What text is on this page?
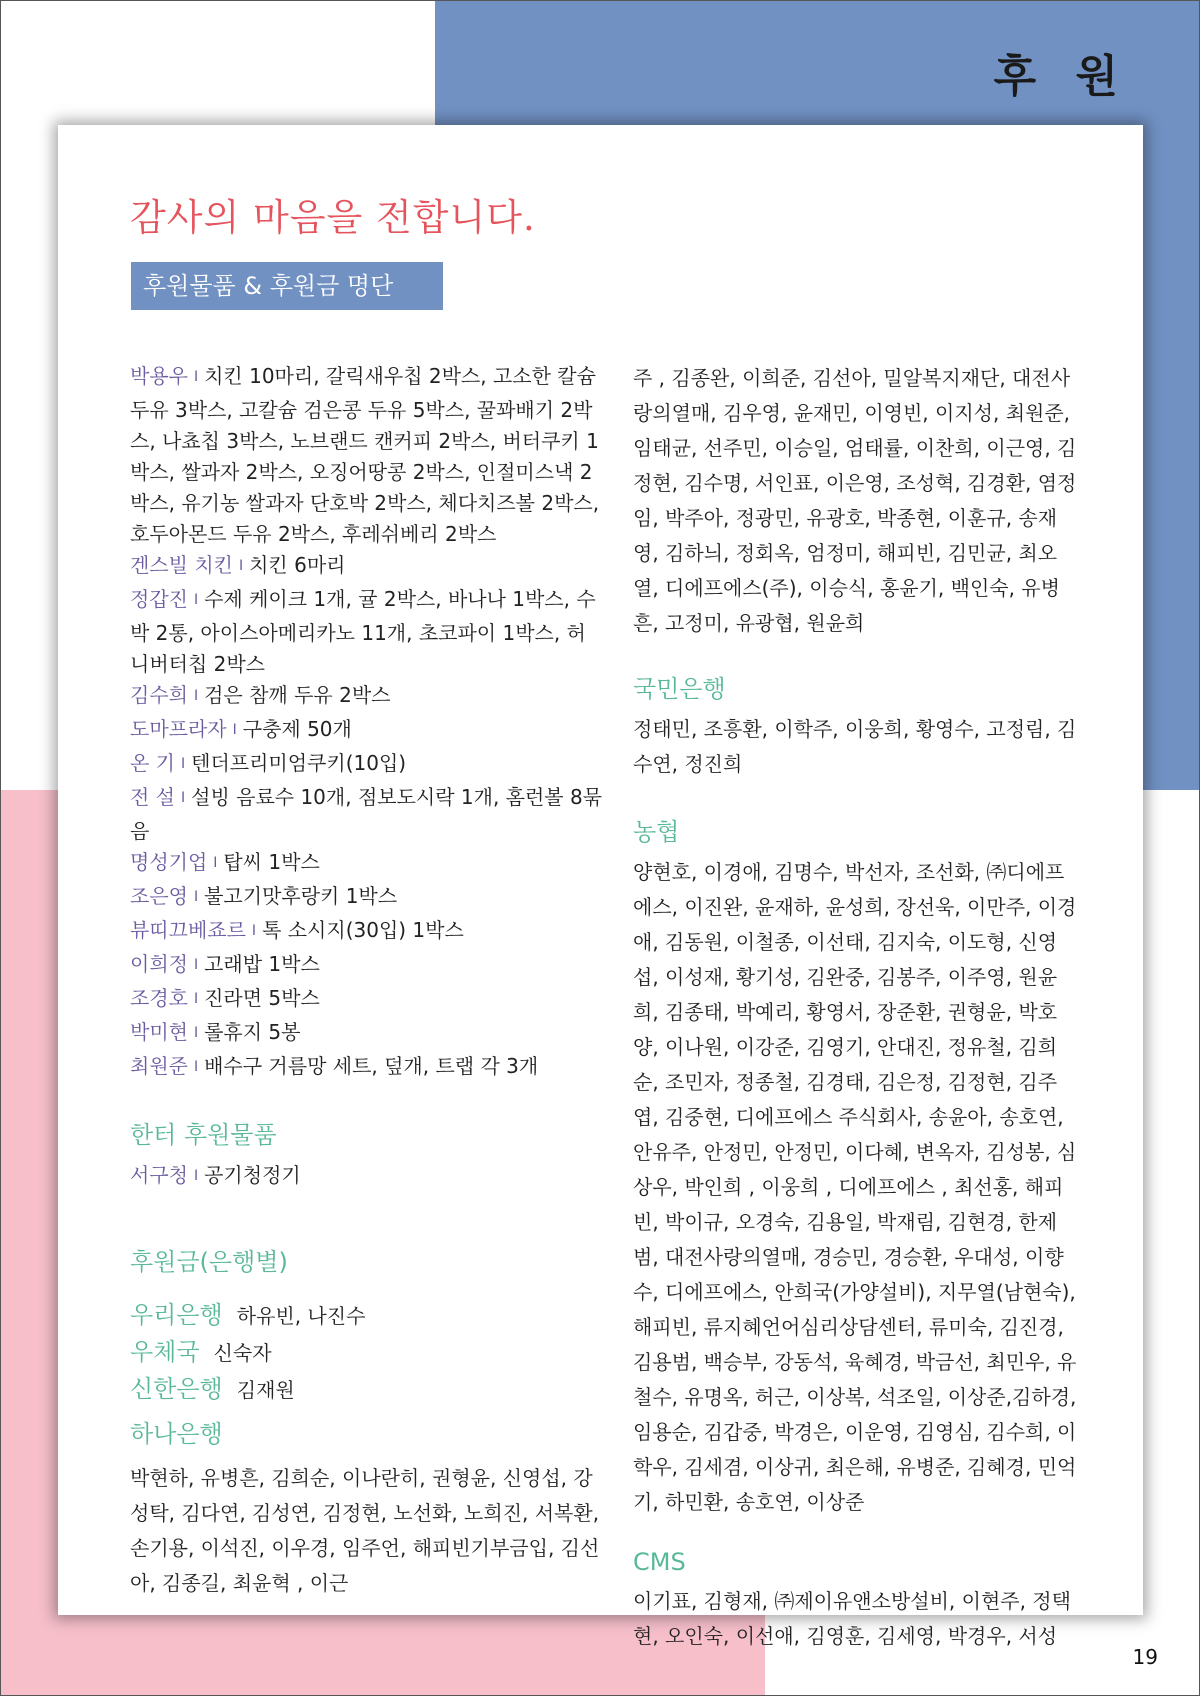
후 원
감사의 마음을 전합니다.
후원물품 & 후원금 명단

박용우 I 치킨 10마리, 갈릭새우칩 2박스, 고소한 칼슘 두유 3박스, 고칼슘 검은콩 두유 5박스, 꿀꽈배기 2박스, 나쵸칩 3박스, 노브랜드 캔커피 2박스, 버터쿠키 1박스, 쌀과자 2박스, 오징어땅콩 2박스, 인절미스낵 2박스, 유기농 쌀과자 단호박 2박스, 체다치즈볼 2박스, 호두아몬드 두유 2박스, 후레쉬베리 2박스

겐스빌 치킨 I 치킨 6마리

정갑진 I 수제 케이크 1개, 귤 2박스, 바나나 1박스, 수박 2통, 아이스아메리카노 11개, 초코파이 1박스, 허니버터칩 2박스

김수희 I 검은 참깨 두유 2박스

도마프라자 I 구충제 50개

온 기 I 텐더프리미엄쿠키(10입)

전 설 I 설빙 음료수 10개, 점보도시락 1개, 홈런볼 8묶음

명성기업 I 탑씨 1박스

조은영 I 불고기맛후랑키 1박스

뷰띠끄베죠르 I 톡 소시지(30입) 1박스

이희정 I 고래밥 1박스

조경호 I 진라면 5박스

박미현 I 롤휴지 5봉

최원준 I 배수구 거름망 세트, 덮개, 트랩 각 3개

한터 후원물품

서구청 I 공기청정기

후원금(은행별)

우리은행 하유빈, 나진수

우체국 신숙자

신한은행 김재원

하나은행

박현하, 유병흔, 김희순, 이나란히, 권형윤, 신영섭, 강성탁, 김다연, 김성연, 김정현, 노선화, 노희진, 서복환, 손기용, 이석진, 이우경, 임주언, 해피빈기부금입, 김선아, 김종길, 최윤혁 , 이근

주 , 김종완, 이희준, 김선아, 밀알복지재단, 대전사랑의열매, 김우영, 윤재민, 이영빈, 이지성, 최원준, 임태균, 선주민, 이승일, 엄태률, 이찬희, 이근영, 김정현, 김수명, 서인표, 이은영, 조성혁, 김경환, 염정임, 박주아, 정광민, 유광호, 박종현, 이훈규, 송재영, 김하늬, 정회옥, 엄정미, 해피빈, 김민균, 최오열, 디에프에스(주), 이승식, 홍윤기, 백인숙, 유병흔, 고정미, 유광협, 원윤희

국민은행

정태민, 조흥환, 이학주, 이웅희, 황영수, 고정림, 김수연, 정진희

농협

양현호, 이경애, 김명수, 박선자, 조선화, ㈜디에프에스, 이진완, 윤재하, 윤성희, 장선욱, 이만주, 이경애, 김동원, 이철종, 이선태, 김지숙, 이도형, 신영섭, 이성재, 황기성, 김완중, 김봉주, 이주영, 원윤희, 김종태, 박예리, 황영서, 장준환, 권형윤, 박호양, 이나원, 이강준, 김영기, 안대진, 정유철, 김희순, 조민자, 정종철, 김경태, 김은정, 김정현, 김주엽, 김중현, 디에프에스 주식회사, 송윤아, 송호연, 안유주, 안정민, 안정민, 이다혜, 변옥자, 김성봉, 심상우, 박인희 , 이웅희 , 디에프에스 , 최선홍, 해피빈, 박이규, 오경숙, 김용일, 박재림, 김현경, 한제범, 대전사랑의열매, 경승민, 경승환, 우대성, 이향수, 디에프에스, 안희국(가양설비), 지무열(남현숙), 해피빈, 류지혜언어심리상담센터, 류미숙, 김진경, 김용범, 백승부, 강동석, 육혜경, 박금선, 최민우, 유철수, 유명옥, 허근, 이상복, 석조일, 이상준,김하경, 임용순, 김갑중, 박경은, 이운영, 김영심, 김수희, 이학우, 김세겸, 이상귀, 최은해, 유병준, 김혜경, 민억기, 하민환, 송호연, 이상준

CMS

이기표, 김형재, ㈜제이유앤소방설비, 이현주, 정택현, 오인숙, 이선애, 김영훈, 김세영, 박경우, 서성

19
